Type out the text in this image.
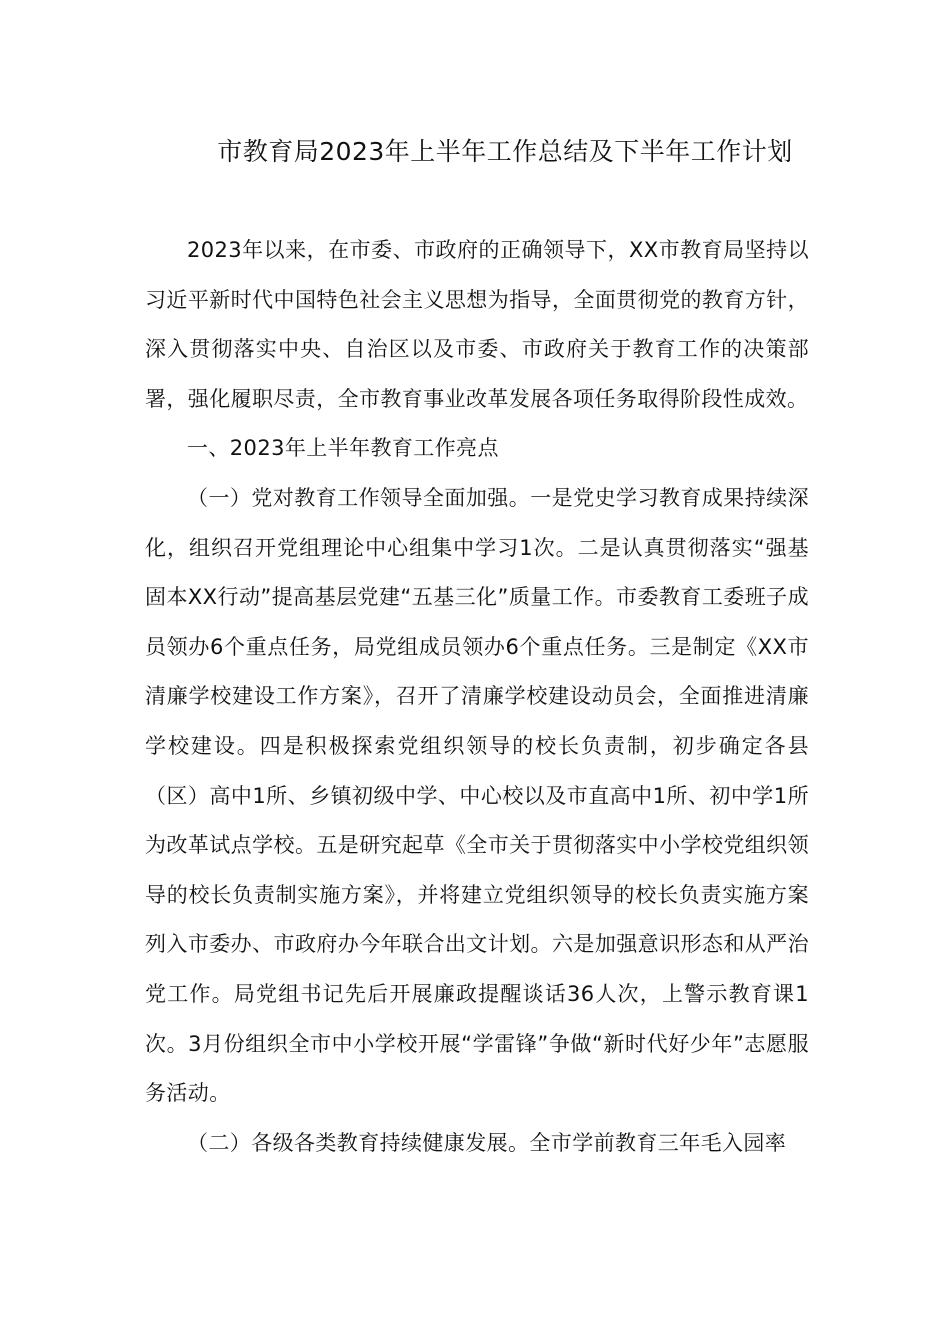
市教育局2023年上半年工作总结及下半年工作计划

2023年以来，在市委、市政府的正确领导下，XX市教育局坚持以习近平新时代中国特色社会主义思想为指导，全面贯彻党的教育方针，深入贯彻落实中央、自治区以及市委、市政府关于教育工作的决策部署，强化履职尽责，全市教育事业改革发展各项任务取得阶段性成效。

一、2023年上半年教育工作亮点

（一）党对教育工作领导全面加强。一是党史学习教育成果持续深化，组织召开党组理论中心组集中学习1次。二是认真贯彻落实“强基固本XX行动”提高基层党建“五基三化”质量工作。市委教育工委班子成员领办6个重点任务，局党组成员领办6个重点任务。三是制定《XX市清廉学校建设工作方案》，召开了清廉学校建设动员会，全面推进清廉学校建设。四是积极探索党组织领导的校长负责制，初步确定各县（区）高中1所、乡镇初级中学、中心校以及市直高中1所、初中学1所为改革试点学校。五是研究起草《全市关于贯彻落实中小学校党组织领导的校长负责制实施方案》，并将建立党组织领导的校长负责实施方案列入市委办、市政府办今年联合出文计划。六是加强意识形态和从严治党工作。局党组书记先后开展廉政提醒谈话36人次，上警示教育课1次。3月份组织全市中小学校开展“学雷锋”争做“新时代好少年”志愿服务活动。

（二）各级各类教育持续健康发展。全市学前教育三年毛入园率
